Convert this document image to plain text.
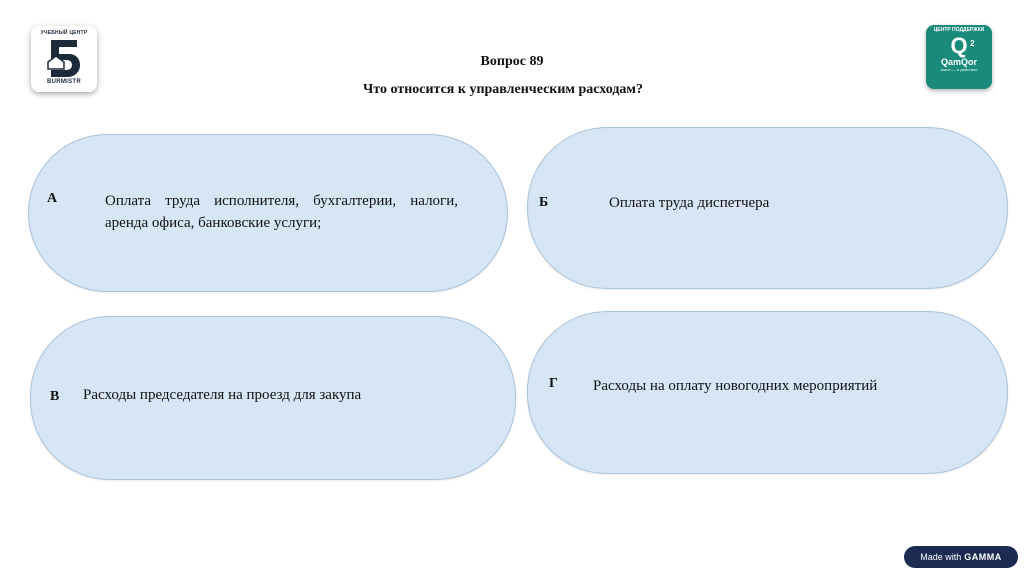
УЧЕБНЫЙ ЦЕНТР
BURMISTR
ЦЕНТР ПОДДЕРЖКИ
Q 2
QamQor
закон — в действии
Вопрос 89
Что относится к управленческим расходам?
А	Оплата труда исполнителя, бухгалтерии, налоги, аренда офиса, банковские услуги;
Б	Оплата труда диспетчера
В Расходы председателя на проезд для закупа
Г Расходы на оплату новогодних мероприятий
Made with GAMMA
